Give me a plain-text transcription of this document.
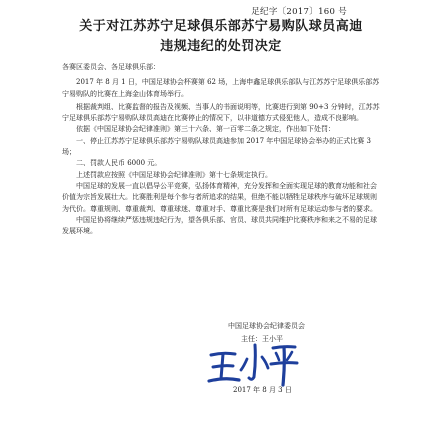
足纪字〔2017〕160 号
关于对江苏苏宁足球俱乐部苏宁易购队球员高迪
违规违纪的处罚决定

各赛区委员会、各足球俱乐部：

2017 年 8 月 1 日，中国足球协会杯赛第 62 场，上海申鑫足球俱乐部队与江苏苏宁足球俱乐部苏宁易购队的比赛在上海金山体育场举行。

根据裁判组、比赛监督的报告及视频、当事人的书面说明等，比赛进行到第 90+3 分钟时，江苏苏宁足球俱乐部苏宁易购队球员高迪在比赛停止的情况下，以非道德方式侵犯他人，造成不良影响。

依据《中国足球协会纪律准则》第三十六条、第一百零二条之规定，作出如下处罚：

一、停止江苏苏宁足球俱乐部苏宁易购队球员高迪参加 2017 年中国足球协会举办的正式比赛 3 场；

二、罚款人民币 6000 元。

上述罚款应按照《中国足球协会纪律准则》第十七条规定执行。

中国足球的发展一直以倡导公平竞赛，弘扬体育精神，充分发挥和全面实现足球的教育功能和社会价值为宗旨发展壮大。比赛胜利是每个参与者所追求的结果，但绝不能以牺牲足球秩序与破坏足球规则为代价。尊重规则、尊重裁判、尊重球迷、尊重对手、尊重比赛是我们对所有足球运动参与者的要求。

中国足协将继续严惩违规违纪行为，望各俱乐部、官员、球员共同维护比赛秩序和来之不易的足球发展环境。

中国足球协会纪律委员会
主任：王小平
2017 年 8 月 3 日
